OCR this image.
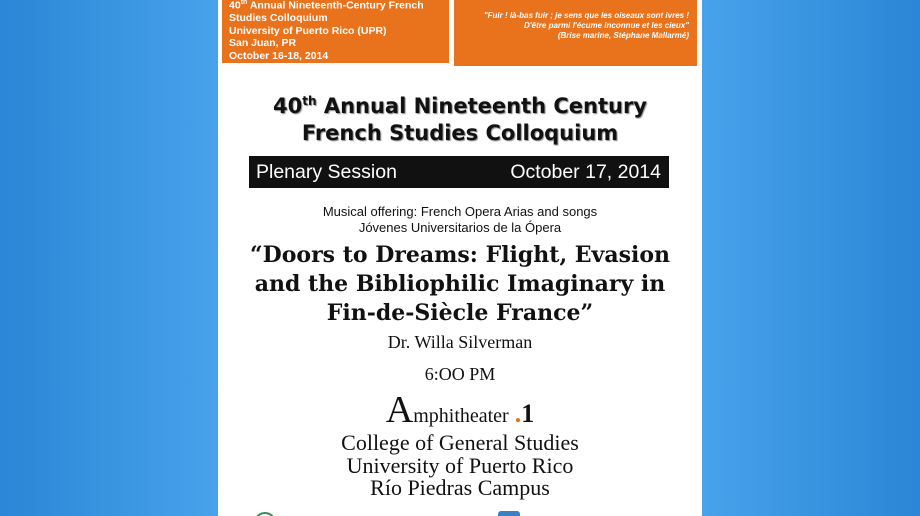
40th Annual Nineteenth-Century French
Studies Colloquium
University of Puerto Rico (UPR)
San Juan, PR
October 16-18, 2014
"Fuir ! là-bas fuir ; je sens que les oiseaux sont ivres !
D'être parmi l'écume inconnue et les cieux"
(Brise marine, Stéphane Mallarmé)
40th Annual Nineteenth Century
French Studies Colloquium
Plenary Session	October 17, 2014
Musical offering: French Opera Arias and songs
Jóvenes Universitarios de la Ópera
“Doors to Dreams: Flight, Evasion
and the Bibliophilic Imaginary in
Fin-de-Siècle France”
Dr. Willa Silverman
6:OO PM
Amphitheater .1
College of General Studies
University of Puerto Rico
Río Piedras Campus
